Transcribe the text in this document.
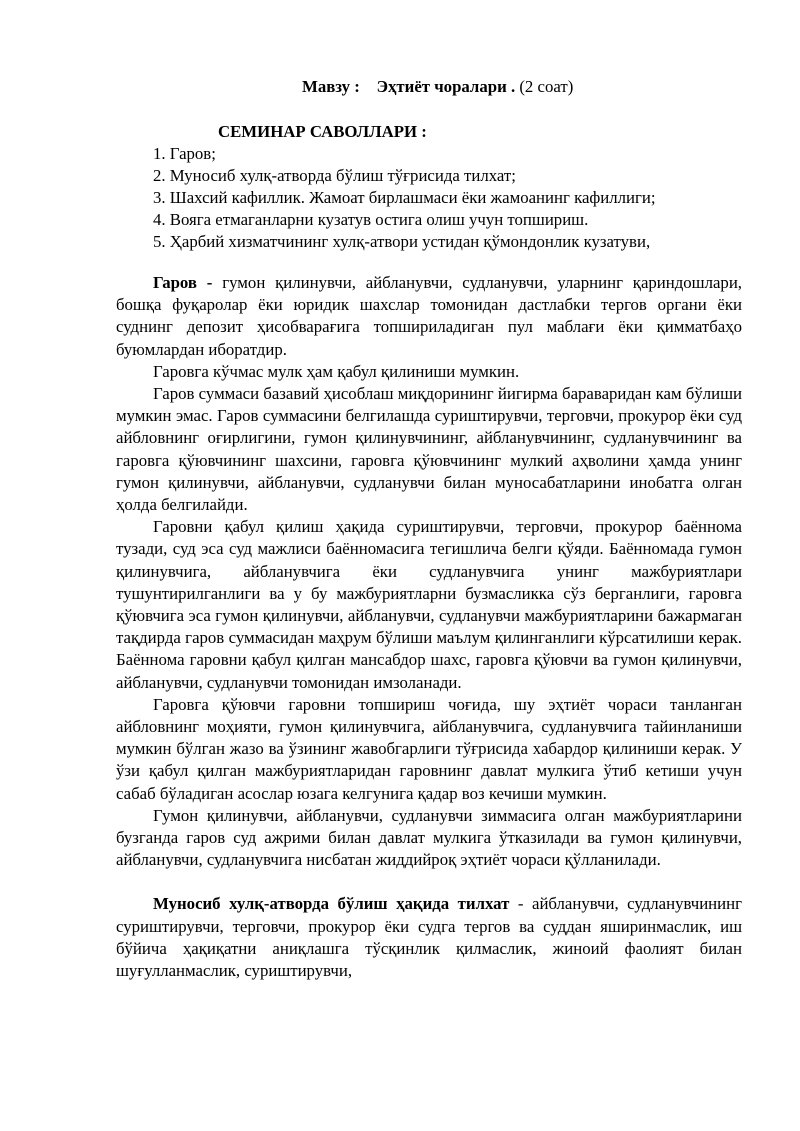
Мавзу : Эҳтиёт чоралари . (2 соат)
СЕМИНАР САВОЛЛАРИ :
1. Гаров;
2. Муносиб хулқ-атворда бўлиш тўғрисида тилхат;
3. Шахсий кафиллик. Жамоат бирлашмаси ёки жамоанинг кафиллиги;
4. Вояга етмаганларни кузатув остига олиш учун топшириш.
5. Ҳарбий хизматчининг хулқ-атвори устидан қўмондонлик кузатуви,

Гаров - гумон қилинувчи, айбланувчи, судланувчи, уларнинг қариндошлари, бошқа фуқаролар ёки юридик шахслар томонидан дастлабки тергов органи ёки суднинг депозит ҳисобварағига топшириладиган пул маблағи ёки қимматбаҳо буюмлардан иборатдир.

Гаровга кўчмас мулк ҳам қабул қилиниши мумкин.

Гаров суммаси базавий ҳисоблаш миқдорининг йигирма бараваридан кам бўлиши мумкин эмас. Гаров суммасини белгилашда суриштирувчи, терговчи, прокурор ёки суд айбловнинг оғирлигини, гумон қилинувчининг, айбланувчининг, судланувчининг ва гаровга қўювчининг шахсини, гаровга қўювчининг мулкий аҳволини ҳамда унинг гумон қилинувчи, айбланувчи, судланувчи билан муносабатларини инобатга олган ҳолда белгилайди.

Гаровни қабул қилиш ҳақида суриштирувчи, терговчи, прокурор баённома тузади, суд эса суд мажлиси баённомасига тегишлича белги қўяди. Баённомада гумон қилинувчига, айбланувчига ёки судланувчига унинг мажбуриятлари тушунтирилганлиги ва у бу мажбуриятларни бузмасликка сўз берганлиги, гаровга қўювчига эса гумон қилинувчи, айбланувчи, судланувчи мажбуриятларини бажармаган тақдирда гаров суммасидан маҳрум бўлиши маълум қилинганлиги кўрсатилиши керак. Баённома гаровни қабул қилган мансабдор шахс, гаровга қўювчи ва гумон қилинувчи, айбланувчи, судланувчи томонидан имзоланади.

Гаровга қўювчи гаровни топшириш чоғида, шу эҳтиёт чораси танланган айбловнинг моҳияти, гумон қилинувчига, айбланувчига, судланувчига тайинланиши мумкин бўлган жазо ва ўзининг жавобгарлиги тўғрисида хабардор қилиниши керак. У ўзи қабул қилган мажбуриятларидан гаровнинг давлат мулкига ўтиб кетиши учун сабаб бўладиган асослар юзага келгунига қадар воз кечиши мумкин.

Гумон қилинувчи, айбланувчи, судланувчи зиммасига олган мажбуриятларини бузганда гаров суд ажрими билан давлат мулкига ўтказилади ва гумон қилинувчи, айбланувчи, судланувчига нисбатан жиддийроқ эҳтиёт чораси қўлланилади.

Муносиб хулқ-атворда бўлиш ҳақида тилхат - айбланувчи, судланувчининг суриштирувчи, терговчи, прокурор ёки судга тергов ва суддан яширинмаслик, иш бўйича ҳақиқатни аниқлашга тўсқинлик қилмаслик, жиноий фаолият билан шуғулланмаслик, суриштирувчи,
